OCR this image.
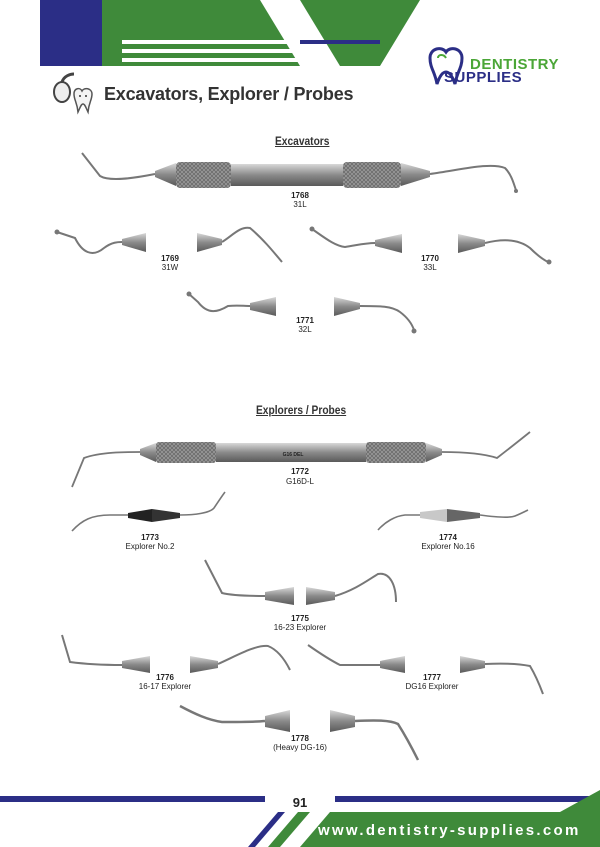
DENTISTRY
SUPPLIES
Excavators, Explorer / Probes
Excavators
Explorers / Probes
G16 DEL
1768
31L
1769
31W
1770
33L
1771
32L
1772
G16D-L
1773
Explorer No.2
1774
Explorer No.16
1775
16-23 Explorer
1776
16-17 Explorer
1777
DG16 Explorer
1778
(Heavy DG-16)
91
www.dentistry-supplies.com
